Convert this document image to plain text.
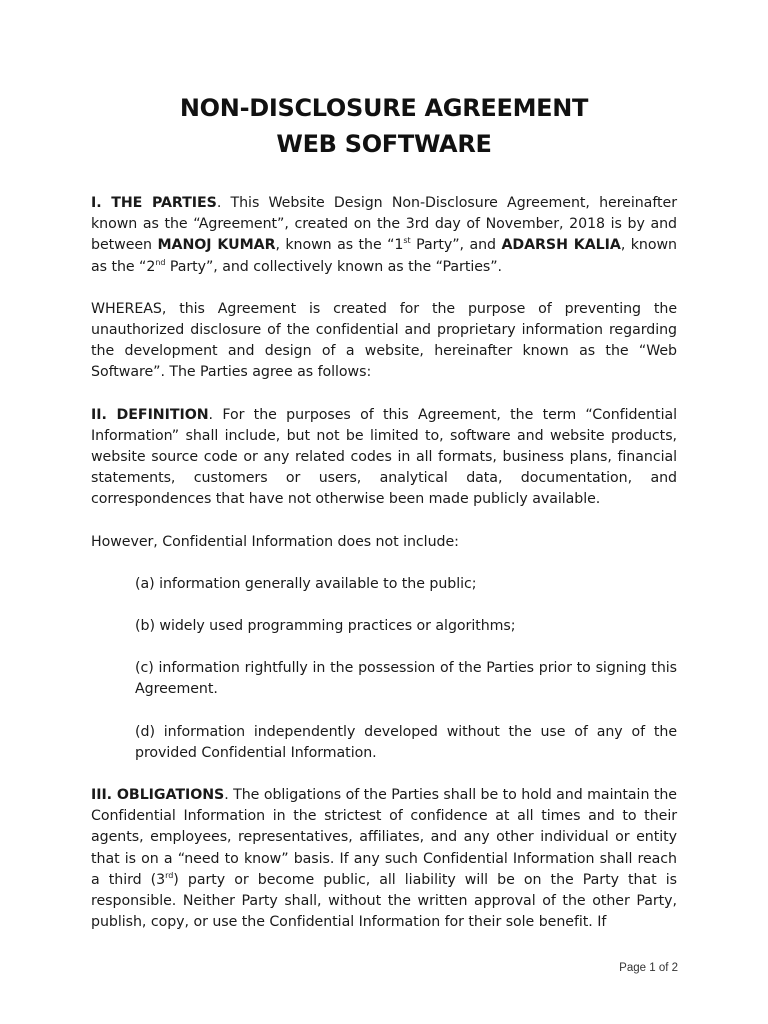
NON-DISCLOSURE AGREEMENT
WEB SOFTWARE

I. THE PARTIES. This Website Design Non-Disclosure Agreement, hereinafter known as the “Agreement”, created on the 3rd day of November, 2018 is by and between MANOJ KUMAR, known as the “1st Party”, and ADARSH KALIA, known as the “2nd Party”, and collectively known as the “Parties”.

WHEREAS, this Agreement is created for the purpose of preventing the unauthorized disclosure of the confidential and proprietary information regarding the development and design of a website, hereinafter known as the “Web Software”. The Parties agree as follows:

II. DEFINITION. For the purposes of this Agreement, the term “Confidential Information” shall include, but not be limited to, software and website products, website source code or any related codes in all formats, business plans, financial statements, customers or users, analytical data, documentation, and correspondences that have not otherwise been made publicly available.

However, Confidential Information does not include:

(a) information generally available to the public;

(b) widely used programming practices or algorithms;

(c) information rightfully in the possession of the Parties prior to signing this Agreement.

(d) information independently developed without the use of any of the provided Confidential Information.

III. OBLIGATIONS. The obligations of the Parties shall be to hold and maintain the Confidential Information in the strictest of confidence at all times and to their agents, employees, representatives, affiliates, and any other individual or entity that is on a “need to know” basis. If any such Confidential Information shall reach a third (3rd) party or become public, all liability will be on the Party that is responsible. Neither Party shall, without the written approval of the other Party, publish, copy, or use the Confidential Information for their sole benefit. If

Page 1 of 2
